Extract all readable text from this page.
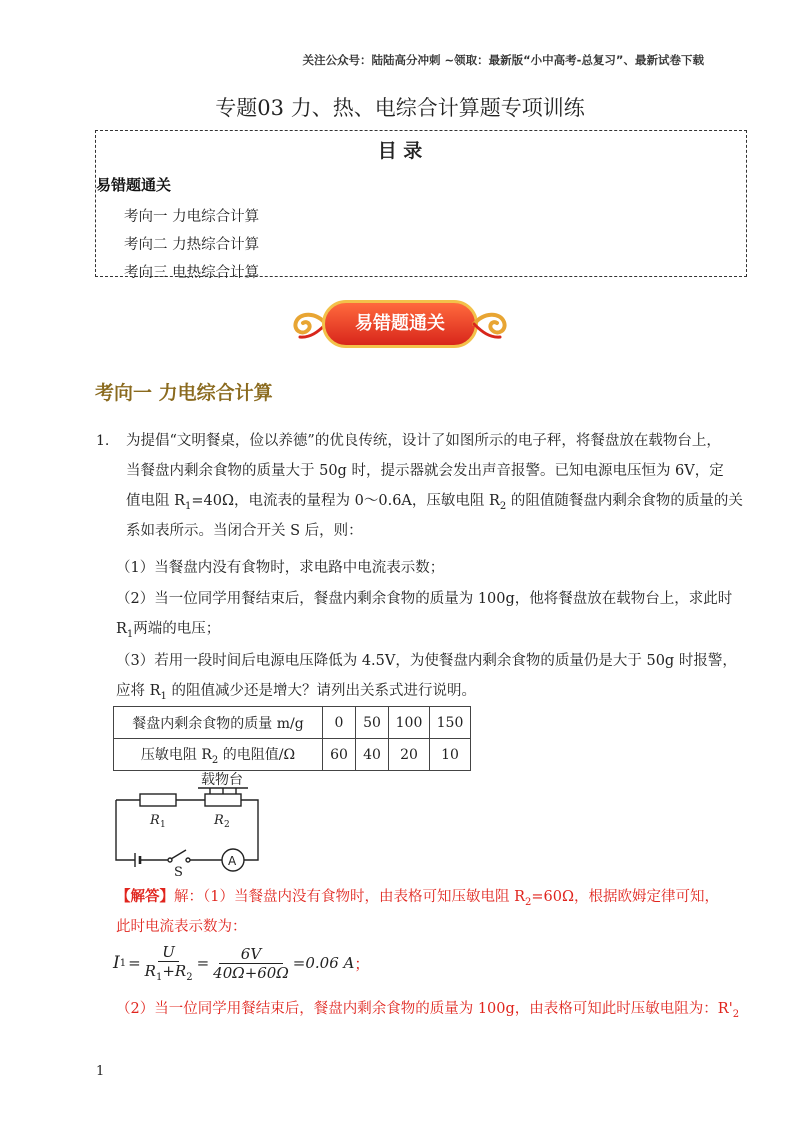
关注公众号：陆陆高分冲刺 ~领取：最新版“小中高考-总复习”、最新试卷下载
专题03 力、热、电综合计算题专项训练
目 录
易错题通关
考向一 力电综合计算
考向二 力热综合计算
考向三 电热综合计算
易错题通关
考向一 力电综合计算
1. 为提倡“文明餐桌，俭以养德”的优良传统，设计了如图所示的电子秤，将餐盘放在载物台上，
当餐盘内剩余食物的质量大于 50g 时，提示器就会发出声音报警。已知电源电压恒为 6V，定
值电阻 $R_1=40\Omega$，电流表的量程为 0～0.6A，压敏电阻 $R_2$ 的阻值随餐盘内剩余食物的质量的关
系如表所示。当闭合开关 S 后，则：
（1）当餐盘内没有食物时，求电路中电流表示数；
（2）当一位同学用餐结束后，餐盘内剩余食物的质量为 100g，他将餐盘放在载物台上，求此时
$R_1$两端的电压；
（3）若用一段时间后电源电压降低为 4.5V，为使餐盘内剩余食物的质量仍是大于 50g 时报警，
应将 $R_1$ 的阻值减少还是增大？请列出关系式进行说明。
餐盘内剩余食物的质量 m/g	0	50	100	150
压敏电阻 $R_2$ 的电阻值/Ω	60	40	20	10
载物台
R 1	R 2
S
A
【解答】解：（1）当餐盘内没有食物时，由表格可知压敏电阻 $R_2=60\Omega$，根据欧姆定律可知，
此时电流表示数为：
I $1 = \frac{U}{R_1+R_2} = \frac{6V}{40\Omega+60\Omega} =0.06$ A ；
（2）当一位同学用餐结束后，餐盘内剩余食物的质量为 100g，由表格可知此时压敏电阻为：$R'_2$
1
